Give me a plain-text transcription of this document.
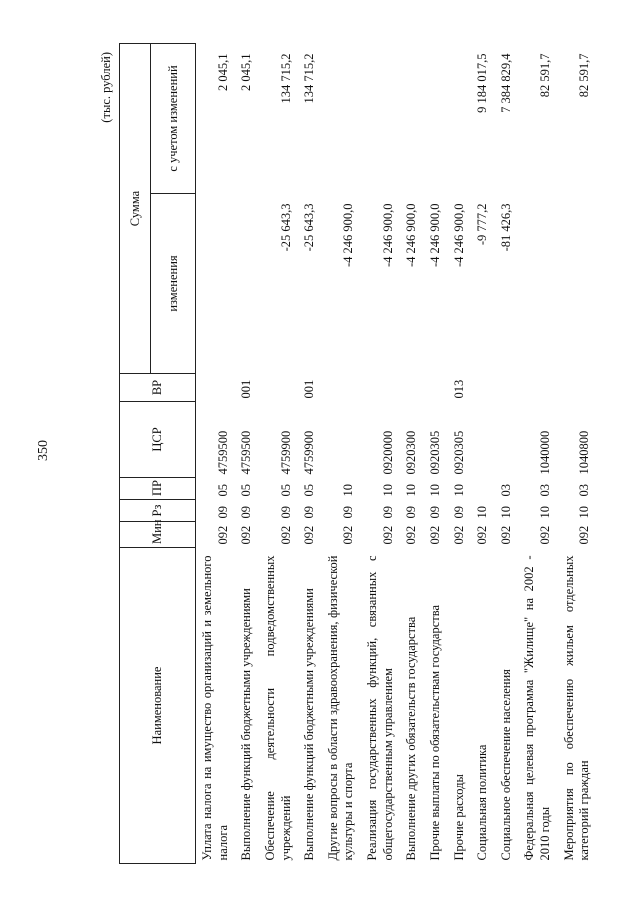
350
(тыс. рублей)
Наименование	Мин	Рз	ПР	ЦСР	ВР	Сумма	
						изменения	с учетом изменений
Уплата налога на имущество организаций и земельного налога	092	09	05	4759500			2 045,1
Выполнение функций бюджетными учреждениями	092	09	05	4759500	001		2 045,1
Обеспечение деятельности подведомственных учреждений	092	09	05	4759900		-25 643,3	134 715,2
Выполнение функций бюджетными учреждениями	092	09	05	4759900	001	-25 643,3	134 715,2
Другие вопросы в области здравоохранения, физической культуры и спорта	092	09	10			-4 246 900,0	
Реализация государственных функций, связанных с общегосударственным управлением	092	09	10	0920000		-4 246 900,0	
Выполнение других обязательств государства	092	09	10	0920300		-4 246 900,0	
Прочие выплаты по обязательствам государства	092	09	10	0920305		-4 246 900,0	
Прочие расходы	092	09	10	0920305	013	-4 246 900,0	
Социальная политика	092	10				-9 777,2	9 184 017,5
Социальное обеспечение населения	092	10	03			-81 426,3	7 384 829,4
Федеральная целевая программа "Жилище" на 2002 - 2010 годы	092	10	03	1040000			82 591,7
Мероприятия по обеспечению жильем отдельных категорий граждан	092	10	03	1040800			82 591,7
